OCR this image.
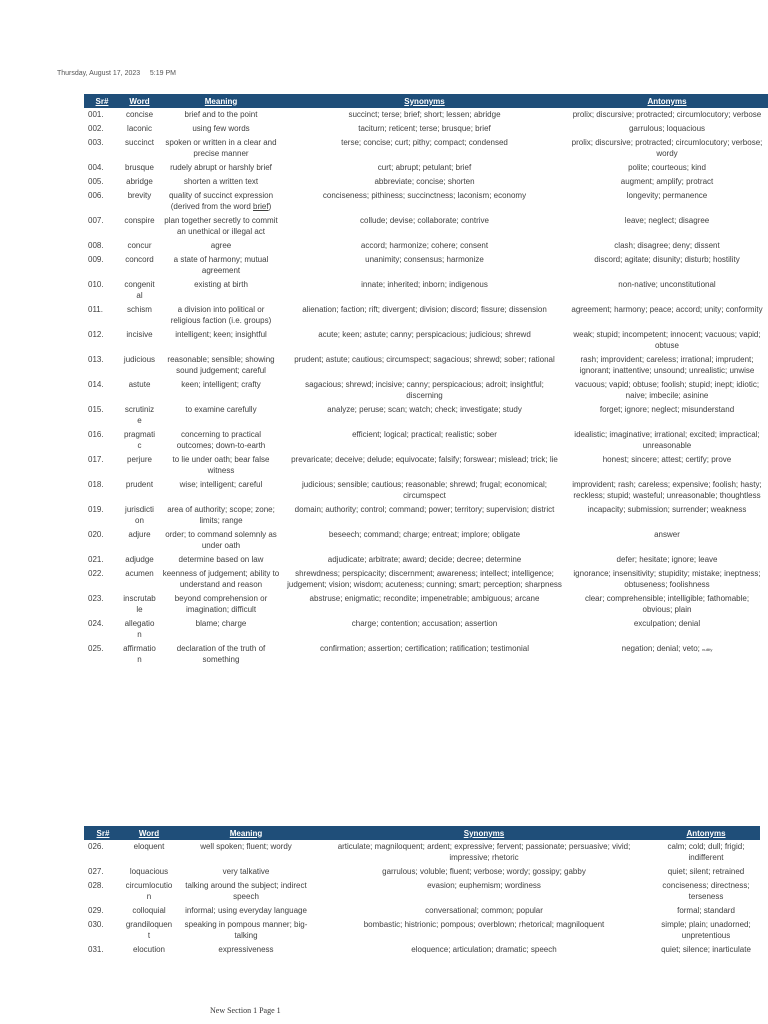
Thursday, August 17, 2023 5:19 PM
Sr#	Word	Meaning	Synonyms	Antonyms
001.	concise	brief and to the point	succinct; terse; brief; short; lessen; abridge	prolix; discursive; protracted; circumlocutory; verbose
002.	laconic	using few words	taciturn; reticent; terse; brusque; brief	garrulous; loquacious
003.	succinct	spoken or written in a clear and precise manner	terse; concise; curt; pithy; compact; condensed	prolix; discursive; protracted; circumlocutory; verbose; wordy
004.	brusque	rudely abrupt or harshly brief	curt; abrupt; petulant; brief	polite; courteous; kind
005.	abridge	shorten a written text	abbreviate; concise; shorten	augment; amplify; protract
006.	brevity	quality of succinct expression (derived from the word brief)	conciseness; pithiness; succinctness; laconism; economy	longevity; permanence
007.	conspire	plan together secretly to commit an unethical or illegal act	collude; devise; collaborate; contrive	leave; neglect; disagree
008.	concur	agree	accord; harmonize; cohere; consent	clash; disagree; deny; dissent
009.	concord	a state of harmony; mutual agreement	unanimity; consensus; harmonize	discord; agitate; disunity; disturb; hostility
010.	congenital	existing at birth	innate; inherited; inborn; indigenous	non-native; unconstitutional
011.	schism	a division into political or religious faction (i.e. groups)	alienation; faction; rift; divergent; division; discord; fissure; dissension	agreement; harmony; peace; accord; unity; conformity
012.	incisive	intelligent; keen; insightful	acute; keen; astute; canny; perspicacious; judicious; shrewd	weak; stupid; incompetent; innocent; vacuous; vapid; obtuse
013.	judicious	reasonable; sensible; showing sound judgement; careful	prudent; astute; cautious; circumspect; sagacious; shrewd; sober; rational	rash; improvident; careless; irrational; imprudent; ignorant; inattentive; unsound; unrealistic; unwise
014.	astute	keen; intelligent; crafty	sagacious; shrewd; incisive; canny; perspicacious; adroit; insightful; discerning	vacuous; vapid; obtuse; foolish; stupid; inept; idiotic; naive; imbecile; asinine
015.	scrutinize	to examine carefully	analyze; peruse; scan; watch; check; investigate; study	forget; ignore; neglect; misunderstand
016.	pragmatic	concerning to practical outcomes; down-to-earth	efficient; logical; practical; realistic; sober	idealistic; imaginative; irrational; excited; impractical; unreasonable
017.	perjure	to lie under oath; bear false witness	prevaricate; deceive; delude; equivocate; falsify; forswear; mislead; trick; lie	honest; sincere; attest; certify; prove
018.	prudent	wise; intelligent; careful	judicious; sensible; cautious; reasonable; shrewd; frugal; economical; circumspect	improvident; rash; careless; expensive; foolish; hasty; reckless; stupid; wasteful; unreasonable; thoughtless
019.	jurisdiction	area of authority; scope; zone; limits; range	domain; authority; control; command; power; territory; supervision; district	incapacity; submission; surrender; weakness
020.	adjure	order; to command solemnly as under oath	beseech; command; charge; entreat; implore; obligate	answer
021.	adjudge	determine based on law	adjudicate; arbitrate; award; decide; decree; determine	defer; hesitate; ignore; leave
022.	acumen	keenness of judgement; ability to understand and reason	shrewdness; perspicacity; discernment; awareness; intellect; intelligence; judgement; vision; wisdom; acuteness; cunning; smart; perception; sharpness	ignorance; insensitivity; stupidity; mistake; ineptness; obtuseness; foolishness
023.	inscrutable	beyond comprehension or imagination; difficult	abstruse; enigmatic; recondite; impenetrable; ambiguous; arcane	clear; comprehensible; intelligible; fathomable; obvious; plain
024.	allegation	blame; charge	charge; contention; accusation; assertion	exculpation; denial
025.	affirmation	declaration of the truth of something	confirmation; assertion; certification; ratification; testimonial	negation; denial; veto; nullify
Sr#	Word	Meaning	Synonyms	Antonyms
026.	eloquent	well spoken; fluent; wordy	articulate; magniloquent; ardent; expressive; fervent; passionate; persuasive; vivid; impressive; rhetoric	calm; cold; dull; frigid; indifferent
027.	loquacious	very talkative	garrulous; voluble; fluent; verbose; wordy; gossipy; gabby	quiet; silent; retrained
028.	circumlocution	talking around the subject; indirect speech	evasion; euphemism; wordiness	conciseness; directness; terseness
029.	colloquial	informal; using everyday language	conversational; common; popular	formal; standard
030.	grandiloquent	speaking in pompous manner; big-talking	bombastic; histrionic; pompous; overblown; rhetorical; magniloquent	simple; plain; unadorned; unpretentious
031.	elocution	expressiveness	eloquence; articulation; dramatic; speech	quiet; silence; inarticulate
New Section 1 Page 1
